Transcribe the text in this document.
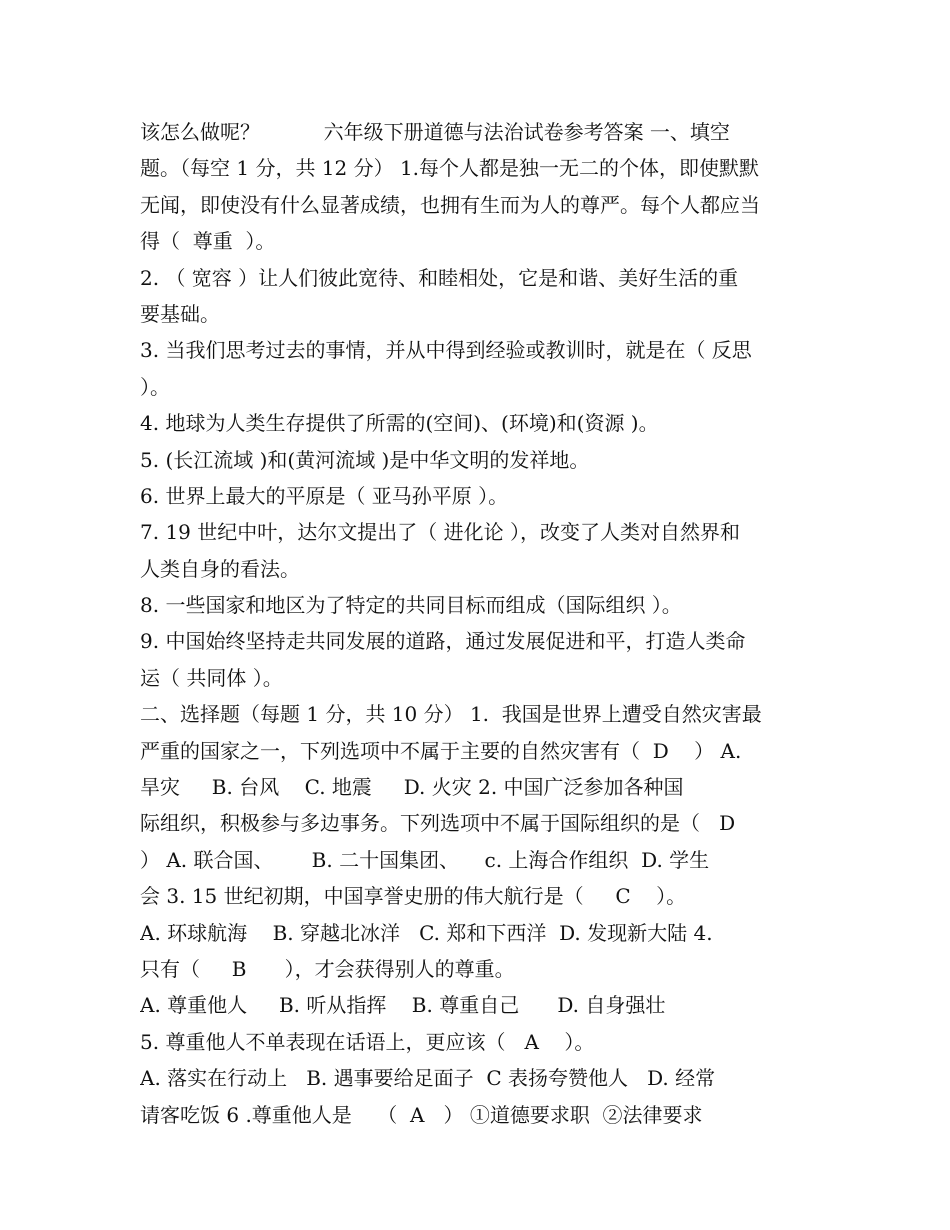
该怎么做呢？          六年级下册道德与法治试卷参考答案 一、填空
题。（每空 1 分，共 12 分） 1.每个人都是独一无二的个体，即使默默
无闻，即使没有什么显著成绩，也拥有生而为人的尊严。每个人都应当
得（  尊重  ）。
2. （ 宽容 ）让人们彼此宽待、和睦相处，它是和谐、美好生活的重
要基础。
3. 当我们思考过去的事情，并从中得到经验或教训时，就是在（ 反思
）。
4. 地球为人类生存提供了所需的(空间)、(环境)和(资源 )。
5. (长江流域 )和(黄河流域 )是中华文明的发祥地。
6. 世界上最大的平原是（ 亚马孙平原 ）。
7. 19 世纪中叶，达尔文提出了（ 进化论 ），改变了人类对自然界和
人类自身的看法。
8. 一些国家和地区为了特定的共同目标而组成（国际组织 ）。
9. 中国始终坚持走共同发展的道路，通过发展促进和平，打造人类命
运（ 共同体 ）。
二、选择题（每题 1 分，共 10 分） 1.  我国是世界上遭受自然灾害最
严重的国家之一，下列选项中不属于主要的自然灾害有（  D    ） A.
旱灾     B. 台风    C. 地震     D. 火灾 2. 中国广泛参加各种国
际组织，积极参与多边事务。下列选项中不属于国际组织的是（   D
） A. 联合国、      B. 二十国集团、    c. 上海合作组织  D. 学生
会 3. 15 世纪初期，中国享誉史册的伟大航行是（     C    ）。
A. 环球航海    B. 穿越北冰洋   C. 郑和下西洋  D. 发现新大陆 4.
只有（     B      ），才会获得别人的尊重。
A. 尊重他人     B. 听从指挥    B. 尊重自己      D. 自身强壮
5. 尊重他人不单表现在话语上，更应该（   A    ）。
A. 落实在行动上   B. 遇事要给足面子  C 表扬夸赞他人   D. 经常
请客吃饭 6 .尊重他人是    （  A   ） ①道德要求职  ②法律要求
